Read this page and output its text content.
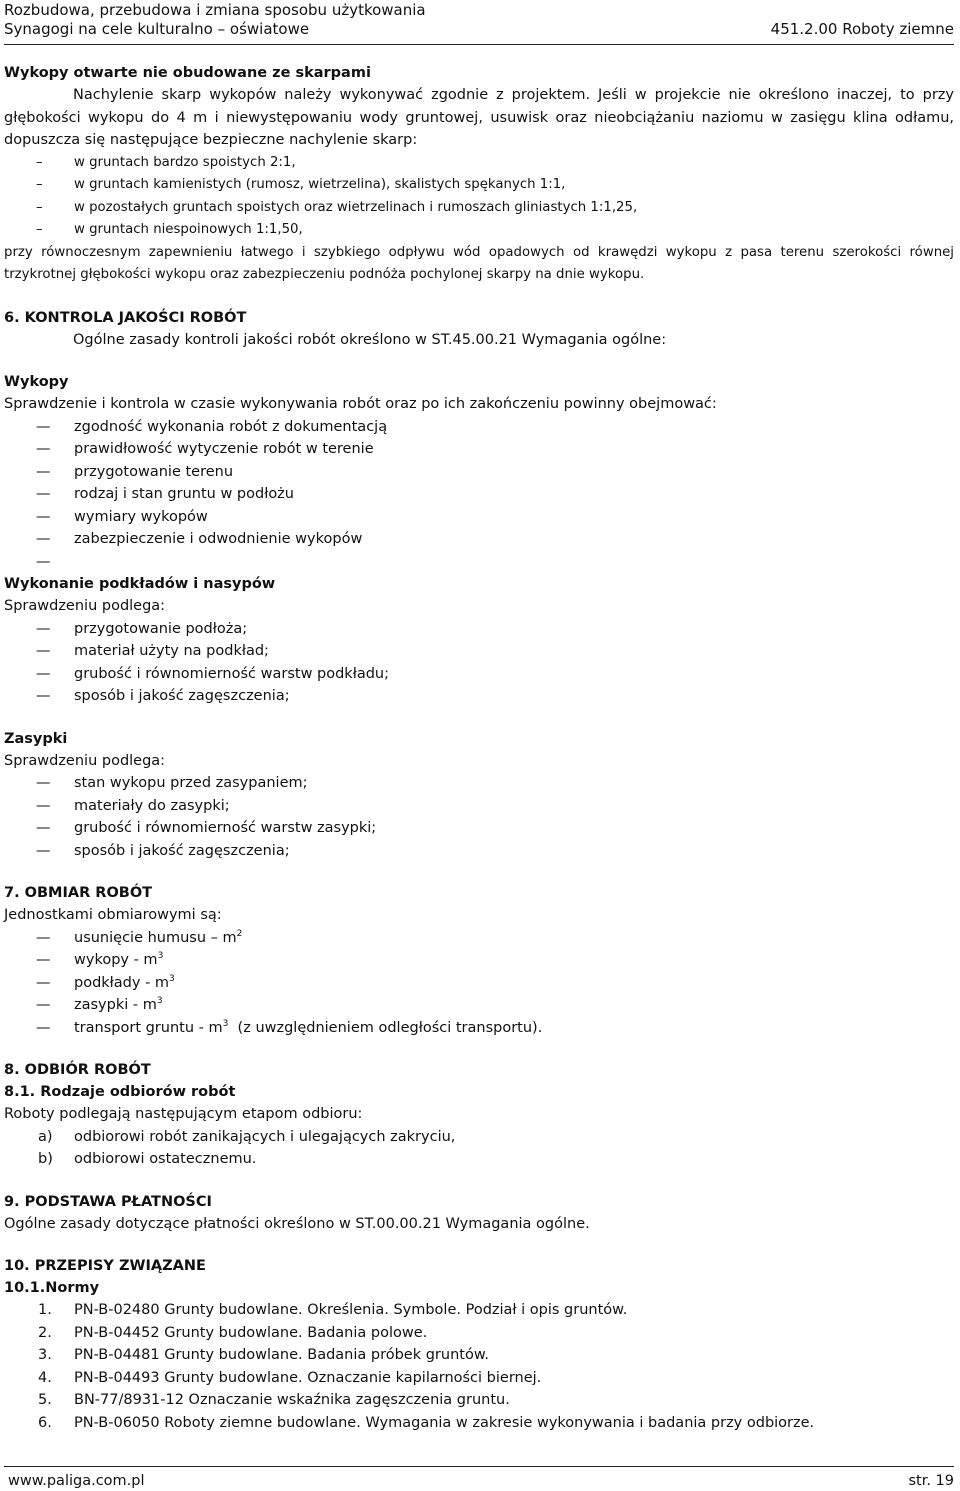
Rozbudowa, przebudowa i zmiana sposobu użytkowania
Synagogi na cele kulturalno – oświatowe	451.2.00 Roboty ziemne
Wykopy otwarte nie obudowane ze skarpami
Nachylenie skarp wykopów należy wykonywać zgodnie z projektem. Jeśli w projekcie nie określono inaczej, to przy głębokości wykopu do 4 m i niewystępowaniu wody gruntowej, usuwisk oraz nieobciążaniu naziomu w zasięgu klina odłamu, dopuszcza się następujące bezpieczne nachylenie skarp:
– w gruntach bardzo spoistych 2:1,
– w gruntach kamienistych (rumosz, wietrzelina), skalistych spękanych 1:1,
– w pozostałych gruntach spoistych oraz wietrzelinach i rumoszach gliniastych 1:1,25,
– w gruntach niespoinowych 1:1,50,
przy równoczesnym zapewnieniu łatwego i szybkiego odpływu wód opadowych od krawędzi wykopu z pasa terenu szerokości równej trzykrotnej głębokości wykopu oraz zabezpieczeniu podnóża pochylonej skarpy na dnie wykopu.
6. KONTROLA JAKOŚCI ROBÓT
Ogólne zasady kontroli jakości robót określono w ST.45.00.21 Wymagania ogólne:
Wykopy
Sprawdzenie i kontrola w czasie wykonywania robót oraz po ich zakończeniu powinny obejmować:
— zgodność wykonania robót z dokumentacją
— prawidłowość wytyczenie robót w terenie
— przygotowanie terenu
— rodzaj i stan gruntu w podłożu
— wymiary wykopów
— zabezpieczenie i odwodnienie wykopów
—
Wykonanie podkładów i nasypów
Sprawdzeniu podlega:
— przygotowanie podłoża;
— materiał użyty na podkład;
— grubość i równomierność warstw podkładu;
— sposób i jakość zagęszczenia;
Zasypki
Sprawdzeniu podlega:
— stan wykopu przed zasypaniem;
— materiały do zasypki;
— grubość i równomierność warstw zasypki;
— sposób i jakość zagęszczenia;
7. OBMIAR ROBÓT
Jednostkami obmiarowymi są:
— usunięcie humusu – $m^2$
— wykopy - $m^3$
— podkłady - $m^3$
— zasypki - $m^3$
— transport gruntu - $m^3$  (z uwzględnieniem odległości transportu).
8. ODBIÓR ROBÓT
8.1. Rodzaje odbiorów robót
Roboty podlegają następującym etapom odbioru:
a) odbiorowi robót zanikających i ulegających zakryciu,
b) odbiorowi ostatecznemu.
9. PODSTAWA PŁATNOŚCI
Ogólne zasady dotyczące płatności określono w ST.00.00.21 Wymagania ogólne.
10. PRZEPISY ZWIĄZANE
10.1.Normy
1. PN-B-02480 Grunty budowlane. Określenia. Symbole. Podział i opis gruntów.
2. PN-B-04452 Grunty budowlane. Badania polowe.
3. PN-B-04481 Grunty budowlane. Badania próbek gruntów.
4. PN-B-04493 Grunty budowlane. Oznaczanie kapilarności biernej.
5. BN-77/8931-12 Oznaczanie wskaźnika zagęszczenia gruntu.
6. PN-B-06050 Roboty ziemne budowlane. Wymagania w zakresie wykonywania i badania przy odbiorze.
www.paliga.com.pl	str. 19
